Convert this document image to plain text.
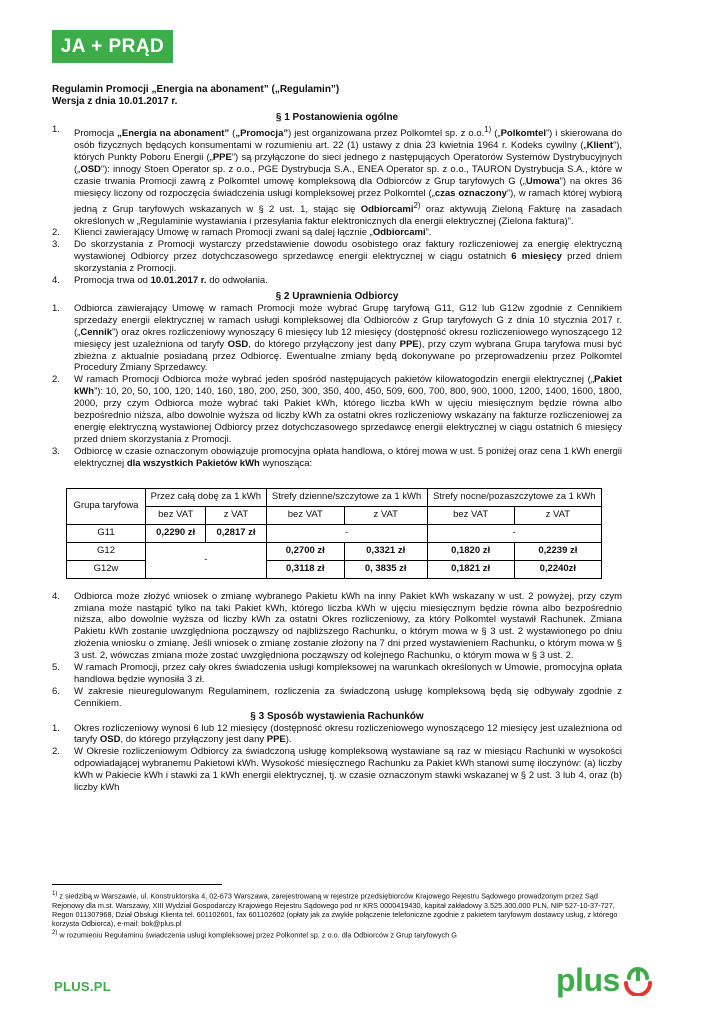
JA + PRĄD
Regulamin Promocji „Energia na abonament” („Regulamin”)
Wersja z dnia 10.01.2017 r.
§ 1 Postanowienia ogólne
1.	Promocja „Energia na abonament” („Promocja”) jest organizowana przez Polkomtel sp. z o.o.$^{1)}$ („Polkomtel”) i skierowana do osób fizycznych będących konsumentami w rozumieniu art. 22 (1) ustawy z dnia 23 kwietnia 1964 r. Kodeks cywilny („Klient”), których Punkty Poboru Energii („PPE”) są przyłączone do sieci jednego z następujących Operatorów Systemów Dystrybucyjnych („OSD”): innogy Stoen Operator sp. z o.o., PGE Dystrybucja S.A., ENEA Operator sp. z o.o., TAURON Dystrybucja S.A., które w czasie trwania Promocji zawrą z Polkomtel umowę kompleksową dla Odbiorców z Grup taryfowych G („Umowa”) na okres 36 miesięcy liczony od rozpoczęcia świadczenia usługi kompleksowej przez Polkomtel („czas oznaczony”), w ramach której wybiorą jedną z Grup taryfowych wskazanych w § 2 ust. 1, stając się Odbiorcami$^{2)}$ oraz aktywują Zieloną Fakturę na zasadach określonych w „Regulaminie wystawiania i przesyłania faktur elektronicznych dla energii elektrycznej (Zielona faktura)”.
2.	Klienci zawierający Umowę w ramach Promocji zwani są dalej łącznie „Odbiorcami”.
3.	Do skorzystania z Promocji wystarczy przedstawienie dowodu osobistego oraz faktury rozliczeniowej za energię elektryczną wystawionej Odbiorcy przez dotychczasowego sprzedawcę energii elektrycznej w ciągu ostatnich 6 miesięcy przed dniem skorzystania z Promocji.
4.	Promocja trwa od 10.01.2017 r. do odwołania.
§ 2 Uprawnienia Odbiorcy
1.	Odbiorca zawierający Umowę w ramach Promocji może wybrać Grupę taryfową G11, G12 lub G12w zgodnie z Cennikiem sprzedaży energii elektrycznej w ramach usługi kompleksowej dla Odbiorców z Grup taryfowych G z dnia 10 stycznia 2017 r. („Cennik”) oraz okres rozliczeniowy wynoszący 6 miesięcy lub 12 miesięcy (dostępność okresu rozliczeniowego wynoszącego 12 miesięcy jest uzależniona od taryfy OSD, do którego przyłączony jest dany PPE), przy czym wybrana Grupa taryfowa musi być zbieżna z aktualnie posiadaną przez Odbiorcę. Ewentualne zmiany będą dokonywane po przeprowadzeniu przez Polkomtel Procedury Zmiany Sprzedawcy.
2.	W ramach Promocji Odbiorca może wybrać jeden spośród następujących pakietów kilowatogodzin energii elektrycznej („Pakiet kWh”): 10, 20, 50, 100, 120, 140, 160, 180, 200, 250, 300, 350, 400, 450, 509, 600, 700, 800, 900, 1000, 1200, 1400, 1600, 1800, 2000, przy czym Odbiorca może wybrać taki Pakiet kWh, którego liczba kWh w ujęciu miesięcznym będzie równa albo bezpośrednio niższa, albo dowolnie wyższa od liczby kWh za ostatni okres rozliczeniowy wskazany na fakturze rozliczeniowej za energię elektryczną wystawionej Odbiorcy przez dotychczasowego sprzedawcę energii elektrycznej w ciągu ostatnich 6 miesięcy przed dniem skorzystania z Promocji.
3.	Odbiorcę w czasie oznaczonym obowiązuje promocyjna opłata handlowa, o której mowa w ust. 5 poniżej oraz cena 1 kWh energii elektrycznej dla wszystkich Pakietów kWh wynosząca:
Grupa taryfowa	Przez całą dobę za 1 kWh		Strefy dzienne/szczytowe za 1 kWh		Strefy nocne/pozaszczytowe za 1 kWh	
	bez VAT	z VAT	bez VAT	z VAT	bez VAT	z VAT
G11	0,2290 zł	0,2817 zł	-		-	
G12	-		0,2700 zł	0,3321 zł	0,1820 zł	0,2239 zł
G12w			0,3118 zł	0, 3835 zł	0,1821 zł	0,2240zł
4.	Odbiorca może złożyć wniosek o zmianę wybranego Pakietu kWh na inny Pakiet kWh wskazany w ust. 2 powyżej, przy czym zmiana może nastąpić tylko na taki Pakiet kWh, którego liczba kWh w ujęciu miesięcznym będzie równa albo bezpośrednio niższa, albo dowolnie wyższa od liczby kWh za ostatni Okres rozliczeniowy, za który Polkomtel wystawił Rachunek. Zmiana Pakietu kWh zostanie uwzględniona począwszy od najbliższego Rachunku, o którym mowa w § 3 ust. 2 wystawionego po dniu złożenia wniosku o zmianę. Jeśli wniosek o zmianę zostanie złożony na 7 dni przed wystawieniem Rachunku, o którym mowa w § 3 ust. 2, wówczas zmiana może zostać uwzględniona począwszy od kolejnego Rachunku, o którym mowa w § 3 ust. 2.
5.	W ramach Promocji, przez cały okres świadczenia usługi kompleksowej na warunkach określonych w Umowie, promocyjna opłata handlowa będzie wynosiła 3 zł.
6.	W zakresie nieuregulowanym Regulaminem, rozliczenia za świadczoną usługę kompleksową będą się odbywały zgodnie z Cennikiem.
§ 3 Sposób wystawienia Rachunków
1.	Okres rozliczeniowy wynosi 6 lub 12 miesięcy (dostępność okresu rozliczeniowego wynoszącego 12 miesięcy jest uzależniona od taryfy OSD, do którego przyłączony jest dany PPE).
2.	W Okresie rozliczeniowym Odbiorcy za świadczoną usługę kompleksową wystawiane są raz w miesiącu Rachunki w wysokości odpowiadającej wybranemu Pakietowi kWh. Wysokość miesięcznego Rachunku za Pakiet kWh stanowi sumę iloczynów: (a) liczby kWh w Pakiecie kWh i stawki za 1 kWh energii elektrycznej, tj. w czasie oznaczonym stawki wskazanej w § 2 ust. 3 lub 4, oraz (b) liczby kWh
$^{1)}$ z siedzibą w Warszawie, ul. Konstruktorska 4, 02-673 Warszawa, zarejestrowaną w rejestrze przedsiębiorców Krajowego Rejestru Sądowego prowadzonym przez Sąd Rejonowy dla m.st. Warszawy, XIII Wydział Gospodarczy Krajowego Rejestru Sądowego pod nr KRS 0000419430, kapitał zakładowy 3.525.300.000 PLN, NIP 527-10-37-727, Regon 011307968, Dział Obsługi Klienta tel. 601102601, fax 601102602 (opłaty jak za zwykłe połączenie telefoniczne zgodnie z pakietem taryfowym dostawcy usług, z którego korzysta Odbiorca), e-mail: bok@plus.pl
$^{2)}$ w rozumieniu Regulaminu świadczenia usługi kompleksowej przez Polkomtel sp. z o.o. dla Odbiorców z Grup taryfowych G
PLUS.PL	plus
